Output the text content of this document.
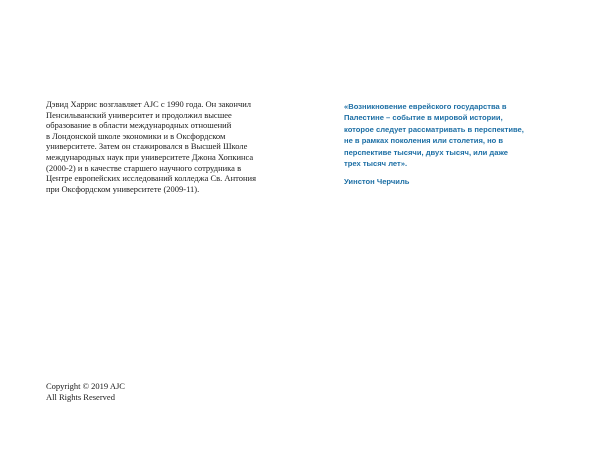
Дэвид Харрис возглавляет AJC с 1990 года. Он закончил
Пенсильванский университет и продолжил высшее
образование в области международных отношений
в Лондонской школе экономики и в Оксфордском
университете. Затем он стажировался в Высшей Школе
международных наук при университете Джона Хопкинса
(2000-2) и в качестве старшего научного сотрудника в
Центре европейских исследований колледжа Св. Антония
при Оксфордском университете (2009-11).
«Возникновение еврейского государства в
Палестине – событие в мировой истории,
которое следует рассматривать в перспективе,
не в рамках поколения или столетия, но в
перспективе тысячи, двух тысяч, или даже
трех тысяч лет».
Уинстон Черчиль
Copyright © 2019 AJC
All Rights Reserved
